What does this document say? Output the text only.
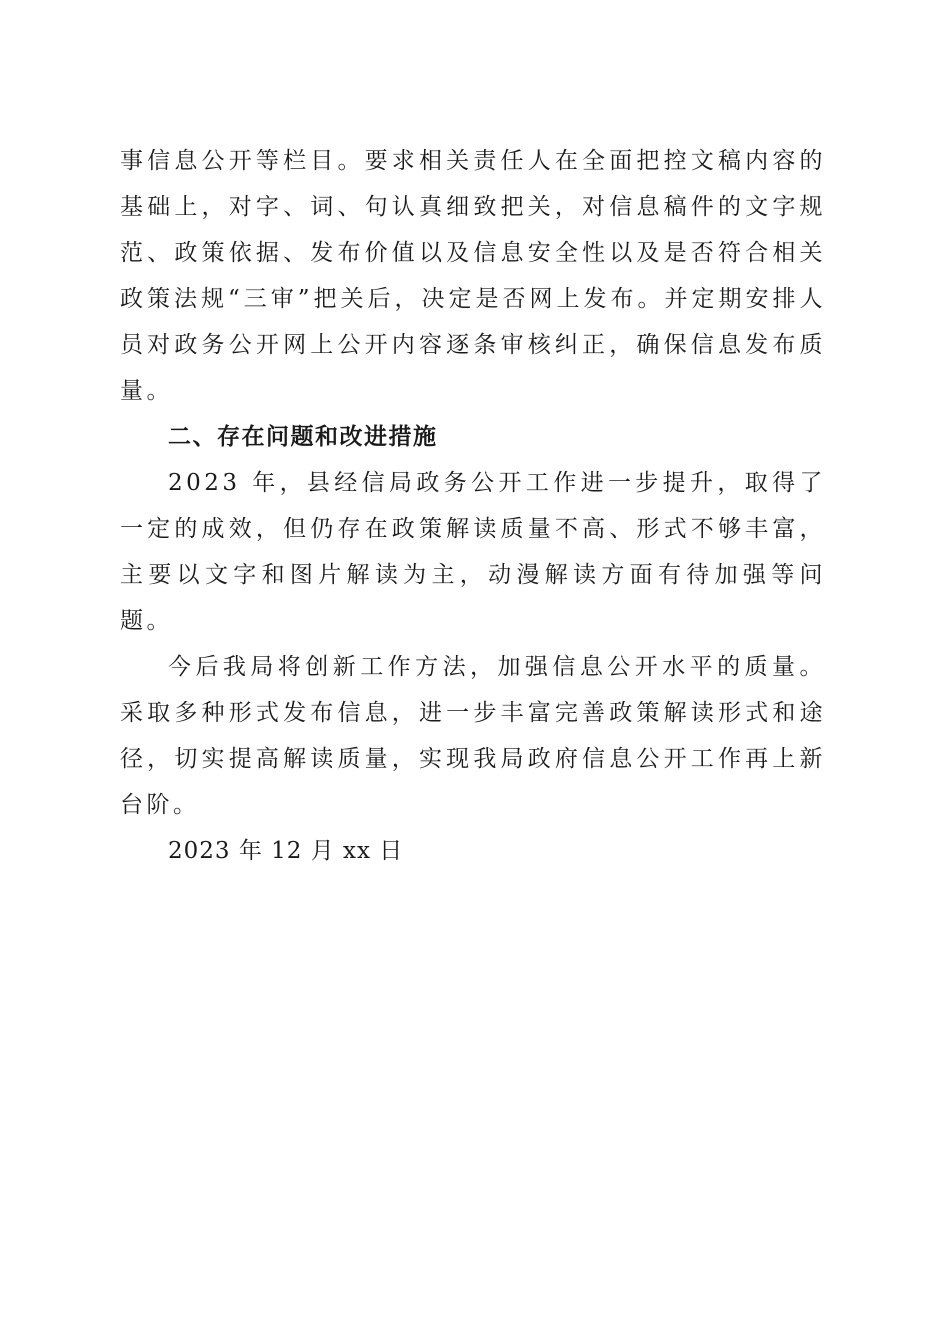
事信息公开等栏目。要求相关责任人在全面把控文稿内容的基础上，对字、词、句认真细致把关，对信息稿件的文字规范、政策依据、发布价值以及信息安全性以及是否符合相关政策法规“三审”把关后，决定是否网上发布。并定期安排人员对政务公开网上公开内容逐条审核纠正，确保信息发布质量。

二、存在问题和改进措施

2023 年，县经信局政务公开工作进一步提升，取得了一定的成效，但仍存在政策解读质量不高、形式不够丰富，主要以文字和图片解读为主，动漫解读方面有待加强等问题。

今后我局将创新工作方法，加强信息公开水平的质量。采取多种形式发布信息，进一步丰富完善政策解读形式和途径，切实提高解读质量，实现我局政府信息公开工作再上新台阶。

2023 年 12 月 xx 日
